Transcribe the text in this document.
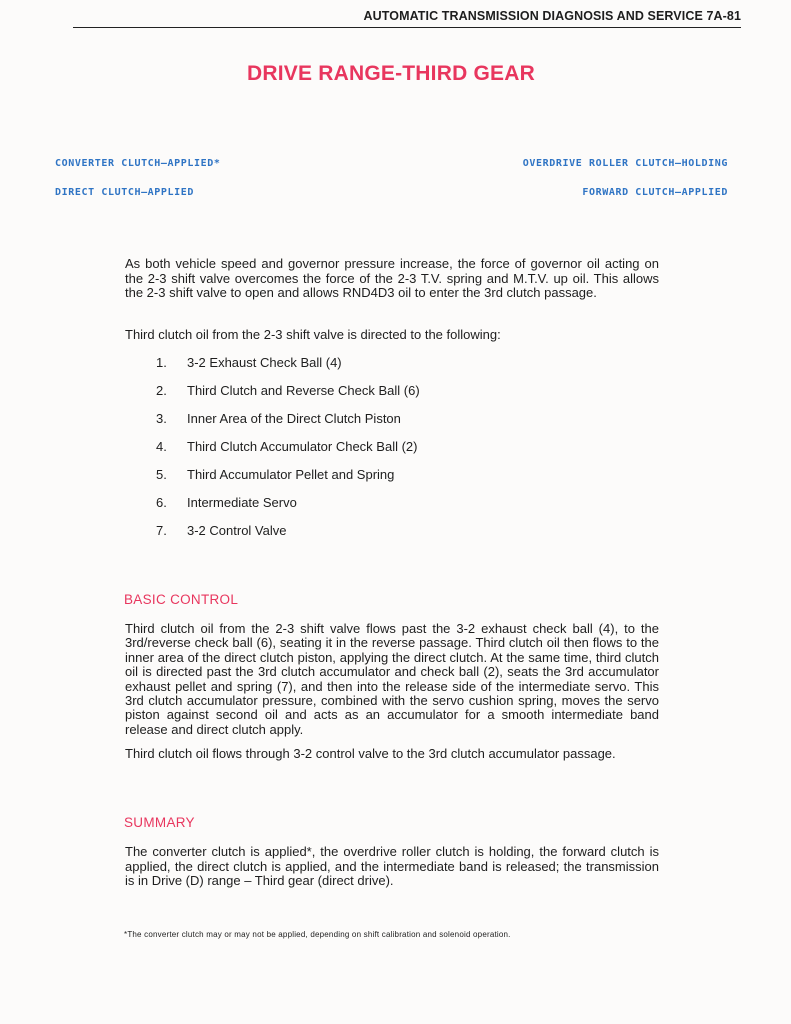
AUTOMATIC TRANSMISSION DIAGNOSIS AND SERVICE 7A-81
DRIVE RANGE-THIRD GEAR
CONVERTER CLUTCH–APPLIED*
DIRECT CLUTCH–APPLIED
OVERDRIVE ROLLER CLUTCH–HOLDING
FORWARD CLUTCH–APPLIED

As both vehicle speed and governor pressure increase, the force of governor oil acting on the 2-3 shift valve overcomes the force of the 2-3 T.V. spring and M.T.V. up oil. This allows the 2-3 shift valve to open and allows RND4D3 oil to enter the 3rd clutch passage.

Third clutch oil from the 2-3 shift valve is directed to the following:

1.	3-2 Exhaust Check Ball (4)
2.	Third Clutch and Reverse Check Ball (6)
3.	Inner Area of the Direct Clutch Piston
4.	Third Clutch Accumulator Check Ball (2)
5.	Third Accumulator Pellet and Spring
6.	Intermediate Servo
7.	3-2 Control Valve
BASIC CONTROL

Third clutch oil from the 2-3 shift valve flows past the 3-2 exhaust check ball (4), to the 3rd/reverse check ball (6), seating it in the reverse passage. Third clutch oil then flows to the inner area of the direct clutch piston, applying the direct clutch. At the same time, third clutch oil is directed past the 3rd clutch accumulator and check ball (2), seats the 3rd accumulator exhaust pellet and spring (7), and then into the release side of the intermediate servo. This 3rd clutch accumulator pressure, combined with the servo cushion spring, moves the servo piston against second oil and acts as an accumulator for a smooth intermediate band release and direct clutch apply.

Third clutch oil flows through 3-2 control valve to the 3rd clutch accumulator passage.

SUMMARY

The converter clutch is applied*, the overdrive roller clutch is holding, the forward clutch is applied, the direct clutch is applied, and the intermediate band is released; the transmission is in Drive (D) range – Third gear (direct drive).

*The converter clutch may or may not be applied, depending on shift calibration and solenoid operation.
